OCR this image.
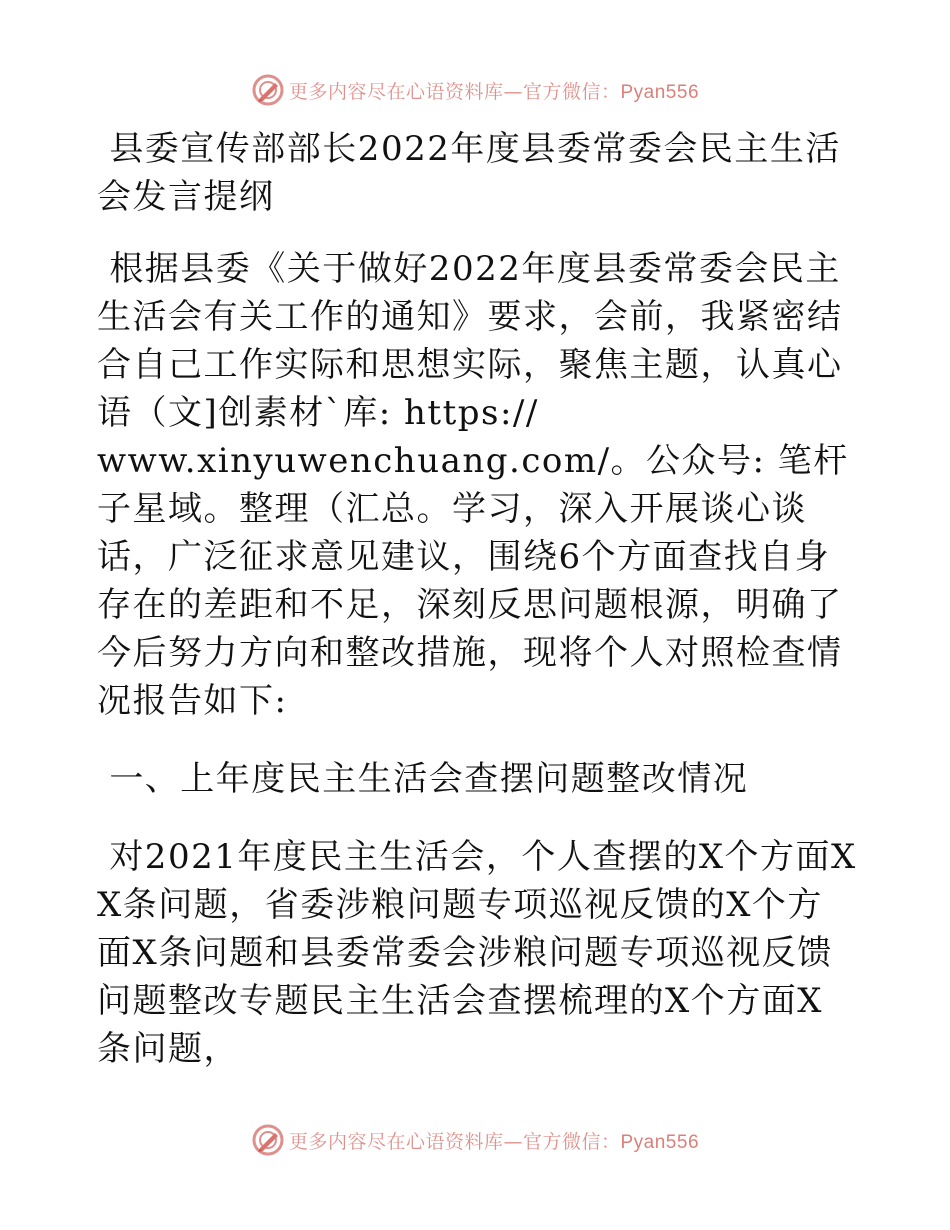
更多内容尽在心语资料库—官方微信：Pyan556

县委宣传部部长2022年度县委常委会民主生活会发言提纲

根据县委《关于做好2022年度县委常委会民主生活会有关工作的通知》要求，会前，我紧密结合自己工作实际和思想实际，聚焦主题，认真心语（文]创素材`库: https://
www.xinyuwenchuang.com/。公众号: 笔杆子星域。整理（汇总。学习，深入开展谈心谈话，广泛征求意见建议，围绕6个方面查找自身存在的差距和不足，深刻反思问题根源，明确了今后努力方向和整改措施，现将个人对照检查情况报告如下:

一、上年度民主生活会查摆问题整改情况

对2021年度民主生活会，个人查摆的X个方面XX条问题，省委涉粮问题专项巡视反馈的X个方面X条问题和县委常委会涉粮问题专项巡视反馈问题整改专题民主生活会查摆梳理的X个方面X条问题，

更多内容尽在心语资料库—官方微信：Pyan556
